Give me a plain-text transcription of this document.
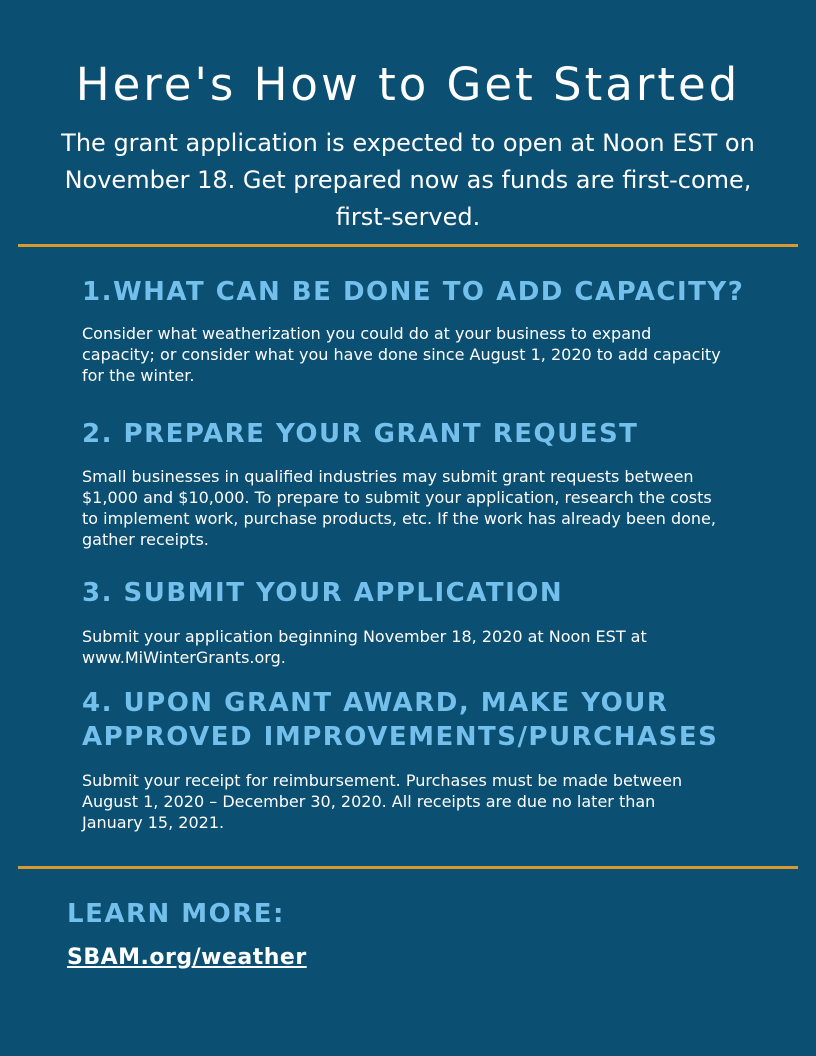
Here's How to Get Started

The grant application is expected to open at Noon EST on November 18. Get prepared now as funds are first-come, first-served.

1.WHAT CAN BE DONE TO ADD CAPACITY?

Consider what weatherization you could do at your business to expand capacity; or consider what you have done since August 1, 2020 to add capacity for the winter.

2. PREPARE YOUR GRANT REQUEST

Small businesses in qualified industries may submit grant requests between $1,000 and $10,000. To prepare to submit your application, research the costs to implement work, purchase products, etc. If the work has already been done, gather receipts.

3. SUBMIT YOUR APPLICATION

Submit your application beginning November 18, 2020 at Noon EST at www.MiWinterGrants.org.

4. UPON GRANT AWARD, MAKE YOUR APPROVED IMPROVEMENTS/PURCHASES

Submit your receipt for reimbursement. Purchases must be made between August 1, 2020 – December 30, 2020. All receipts are due no later than January 15, 2021.

LEARN MORE:
SBAM.org/weather
